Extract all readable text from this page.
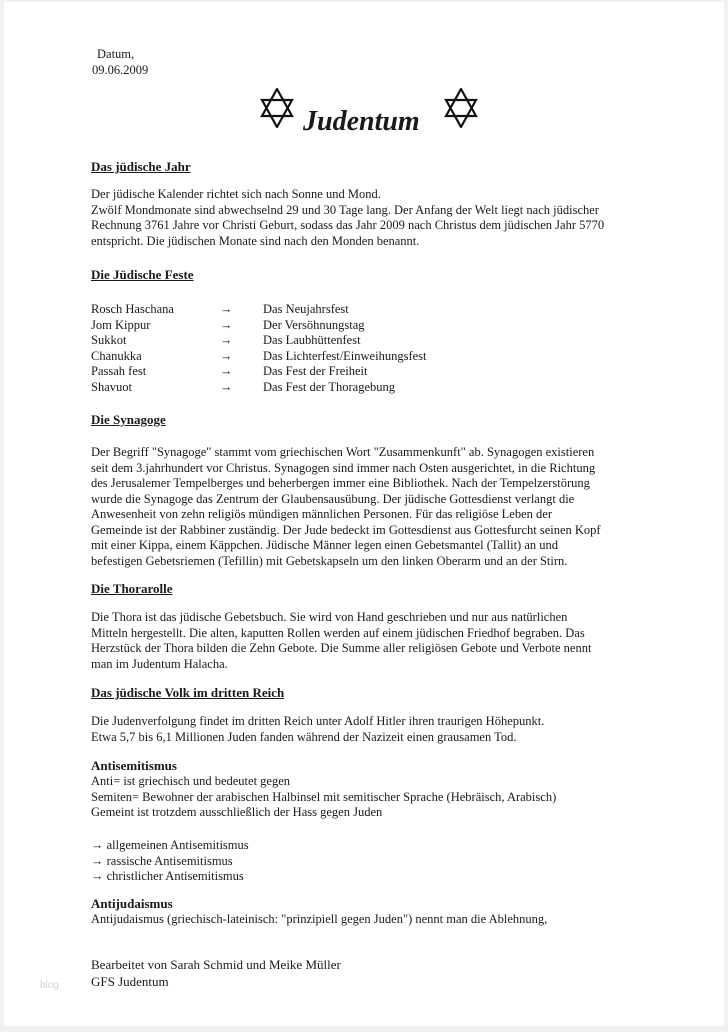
Datum,
09.06.2009
Judentum
Das jüdische Jahr

Der jüdische Kalender richtet sich nach Sonne und Mond.

Zwölf Mondmonate sind abwechselnd 29 und 30 Tage lang. Der Anfang der Welt liegt nach jüdischer

Rechnung 3761 Jahre vor Christi Geburt, sodass das Jahr 2009 nach Christus dem jüdischen Jahr 5770

entspricht. Die jüdischen Monate sind nach den Monden benannt.

Die Jüdische Feste
Rosch Haschana	→ Das Neujahrsfest
Jom Kippur	→ Der Versöhnungstag
Sukkot	→ Das Laubhüttenfest
Chanukka	→ Das Lichterfest/Einweihungsfest
Passah fest	→ Das Fest der Freiheit
Shavuot	→ Das Fest der Thoragebung
Die Synagoge

Der Begriff "Synagoge" stammt vom griechischen Wort "Zusammenkunft" ab. Synagogen existieren

seit dem 3.jahrhundert vor Christus. Synagogen sind immer nach Osten ausgerichtet, in die Richtung

des Jerusalemer Tempelberges und beherbergen immer eine Bibliothek. Nach der Tempelzerstörung

wurde die Synagoge das Zentrum der Glaubensausübung. Der jüdische Gottesdienst verlangt die

Anwesenheit von zehn religiös mündigen männlichen Personen. Für das religiöse Leben der

Gemeinde ist der Rabbiner zuständig. Der Jude bedeckt im Gottesdienst aus Gottesfurcht seinen Kopf

mit einer Kippa, einem Käppchen. Jüdische Männer legen einen Gebetsmantel (Tallit) an und

befestigen Gebetsriemen (Tefillin) mit Gebetskapseln um den linken Oberarm und an der Stirn.

Die Thorarolle

Die Thora ist das jüdische Gebetsbuch. Sie wird von Hand geschrieben und nur aus natürlichen

Mitteln hergestellt. Die alten, kaputten Rollen werden auf einem jüdischen Friedhof begraben. Das

Herzstück der Thora bilden die Zehn Gebote. Die Summe aller religiösen Gebote und Verbote nennt

man im Judentum Halacha.

Das jüdische Volk im dritten Reich

Die Judenverfolgung findet im dritten Reich unter Adolf Hitler ihren traurigen Höhepunkt.

Etwa 5,7 bis 6,1 Millionen Juden fanden während der Nazizeit einen grausamen Tod.

Antisemitismus

Anti= ist griechisch und bedeutet gegen

Semiten= Bewohner der arabischen Halbinsel mit semitischer Sprache (Hebräisch, Arabisch)

Gemeint ist trotzdem ausschließlich der Hass gegen Juden

→ allgemeinen Antisemitismus
→ rassische Antisemitismus
→ christlicher Antisemitismus
Antijudaismus

Antijudaismus (griechisch-lateinisch: "prinzipiell gegen Juden") nennt man die Ablehnung,

Bearbeitet von Sarah Schmid und Meike Müller
GFS Judentum
blog
